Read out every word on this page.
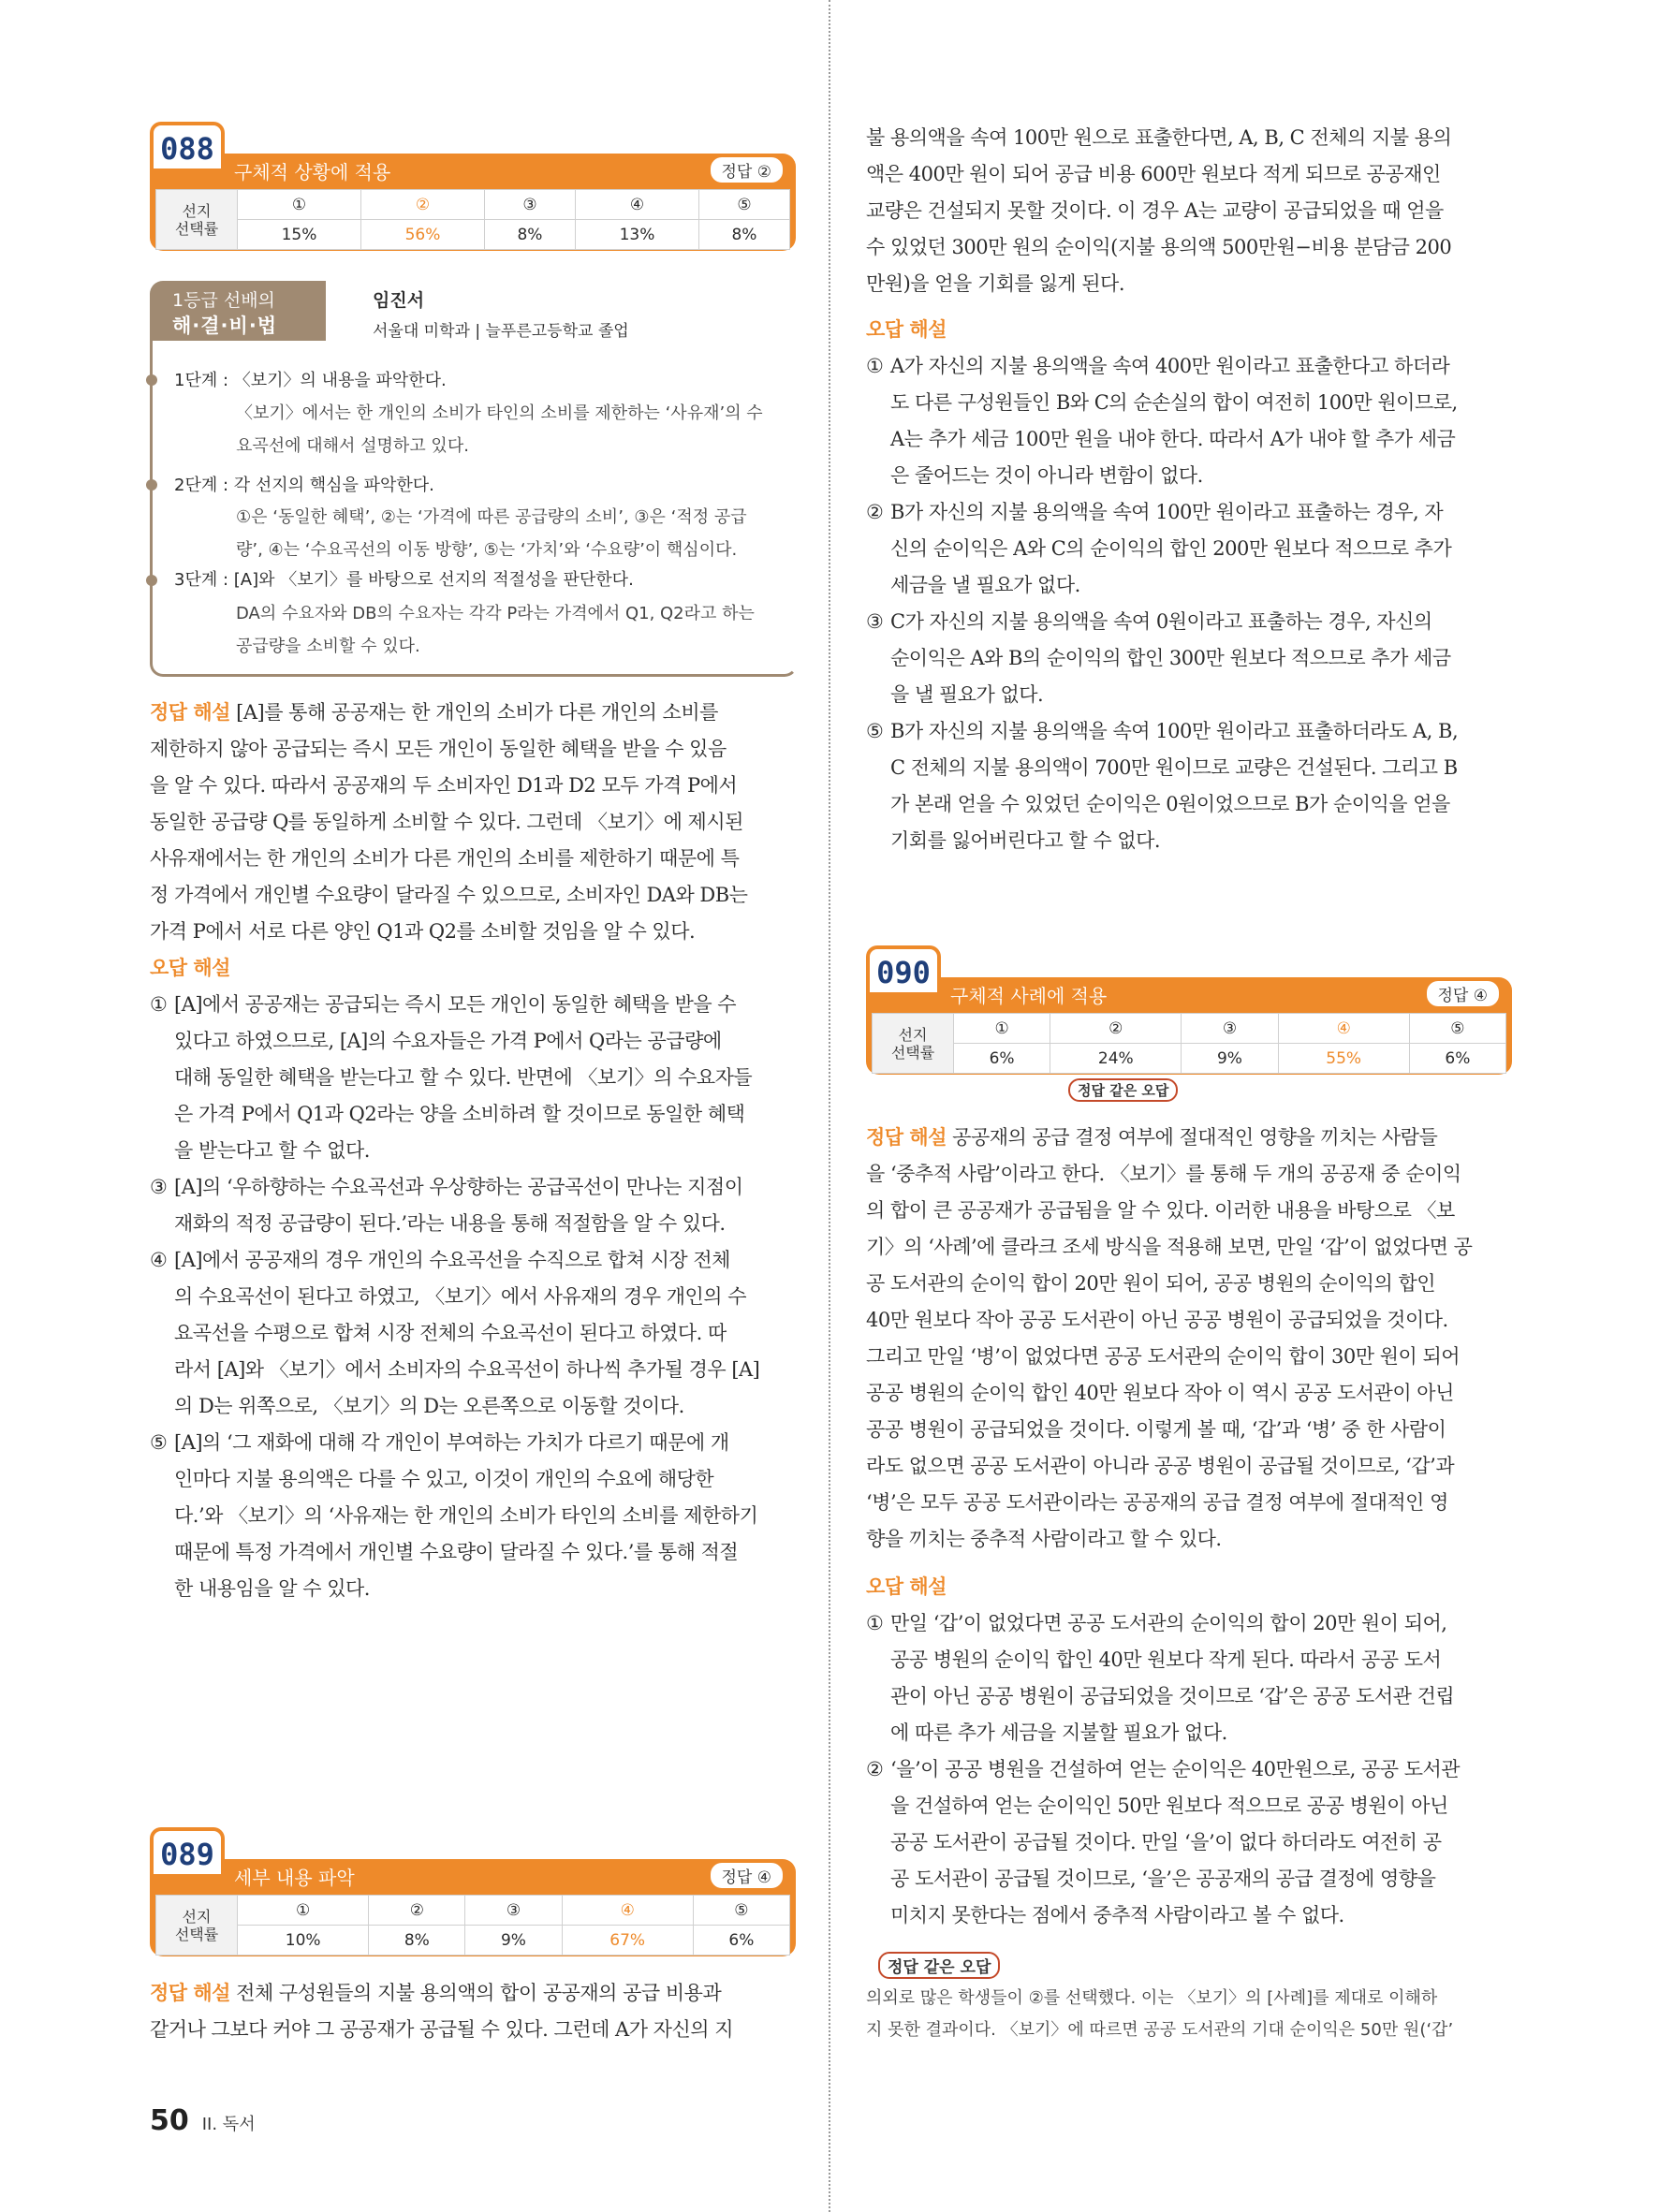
구체적 상황에 적용	정답 ②
088
선지
선택률	①	②	③	④	⑤
	15%	56%	8%	13%	8%
1등급 선배의
해·결·비·법
임진서
서울대 미학과 | 늘푸른고등학교 졸업
1단계 : 〈보기〉의 내용을 파악한다.
〈보기〉에서는 한 개인의 소비가 타인의 소비를 제한하는 ‘사유재’의 수
요곡선에 대해서 설명하고 있다.
2단계 : 각 선지의 핵심을 파악한다.
①은 ‘동일한 혜택’, ②는 ‘가격에 따른 공급량의 소비’, ③은 ‘적정 공급
량’, ④는 ‘수요곡선의 이동 방향’, ⑤는 ‘가치’와 ‘수요량’이 핵심이다.
3단계 : [A]와 〈보기〉를 바탕으로 선지의 적절성을 판단한다.
DA의 수요자와 DB의 수요자는 각각 P라는 가격에서 Q1, Q2라고 하는
공급량을 소비할 수 있다.

정답 해설 [A]를 통해 공공재는 한 개인의 소비가 다른 개인의 소비를

제한하지 않아 공급되는 즉시 모든 개인이 동일한 혜택을 받을 수 있음

을 알 수 있다. 따라서 공공재의 두 소비자인 D1과 D2 모두 가격 P에서

동일한 공급량 Q를 동일하게 소비할 수 있다. 그런데 〈보기〉에 제시된

사유재에서는 한 개인의 소비가 다른 개인의 소비를 제한하기 때문에 특

정 가격에서 개인별 수요량이 달라질 수 있으므로, 소비자인 DA와 DB는

가격 P에서 서로 다른 양인 Q1과 Q2를 소비할 것임을 알 수 있다.

오답 해설

① [A]에서 공공재는 공급되는 즉시 모든 개인이 동일한 혜택을 받을 수

있다고 하였으므로, [A]의 수요자들은 가격 P에서 Q라는 공급량에

대해 동일한 혜택을 받는다고 할 수 있다. 반면에 〈보기〉의 수요자들

은 가격 P에서 Q1과 Q2라는 양을 소비하려 할 것이므로 동일한 혜택

을 받는다고 할 수 없다.

③ [A]의 ‘우하향하는 수요곡선과 우상향하는 공급곡선이 만나는 지점이

재화의 적정 공급량이 된다.’라는 내용을 통해 적절함을 알 수 있다.

④ [A]에서 공공재의 경우 개인의 수요곡선을 수직으로 합쳐 시장 전체

의 수요곡선이 된다고 하였고, 〈보기〉에서 사유재의 경우 개인의 수

요곡선을 수평으로 합쳐 시장 전체의 수요곡선이 된다고 하였다. 따

라서 [A]와 〈보기〉에서 소비자의 수요곡선이 하나씩 추가될 경우 [A]

의 D는 위쪽으로, 〈보기〉의 D는 오른쪽으로 이동할 것이다.

⑤ [A]의 ‘그 재화에 대해 각 개인이 부여하는 가치가 다르기 때문에 개

인마다 지불 용의액은 다를 수 있고, 이것이 개인의 수요에 해당한

다.’와 〈보기〉의 ‘사유재는 한 개인의 소비가 타인의 소비를 제한하기

때문에 특정 가격에서 개인별 수요량이 달라질 수 있다.’를 통해 적절

한 내용임을 알 수 있다.

세부 내용 파악	정답 ④
089
선지
선택률	①	②	③	④	⑤
	10%	8%	9%	67%	6%

정답 해설 전체 구성원들의 지불 용의액의 합이 공공재의 공급 비용과

같거나 그보다 커야 그 공공재가 공급될 수 있다. 그런데 A가 자신의 지

불 용의액을 속여 100만 원으로 표출한다면, A, B, C 전체의 지불 용의

액은 400만 원이 되어 공급 비용 600만 원보다 적게 되므로 공공재인

교량은 건설되지 못할 것이다. 이 경우 A는 교량이 공급되었을 때 얻을

수 있었던 300만 원의 순이익(지불 용의액 500만원−비용 분담금 200

만원)을 얻을 기회를 잃게 된다.

오답 해설

① A가 자신의 지불 용의액을 속여 400만 원이라고 표출한다고 하더라

도 다른 구성원들인 B와 C의 순손실의 합이 여전히 100만 원이므로,

A는 추가 세금 100만 원을 내야 한다. 따라서 A가 내야 할 추가 세금

은 줄어드는 것이 아니라 변함이 없다.

② B가 자신의 지불 용의액을 속여 100만 원이라고 표출하는 경우, 자

신의 순이익은 A와 C의 순이익의 합인 200만 원보다 적으므로 추가

세금을 낼 필요가 없다.

③ C가 자신의 지불 용의액을 속여 0원이라고 표출하는 경우, 자신의

순이익은 A와 B의 순이익의 합인 300만 원보다 적으므로 추가 세금

을 낼 필요가 없다.

⑤ B가 자신의 지불 용의액을 속여 100만 원이라고 표출하더라도 A, B,

C 전체의 지불 용의액이 700만 원이므로 교량은 건설된다. 그리고 B

가 본래 얻을 수 있었던 순이익은 0원이었으므로 B가 순이익을 얻을

기회를 잃어버린다고 할 수 없다.

구체적 사례에 적용	정답 ④
090
선지
선택률	①	②	③	④	⑤
	6%	24%	9%	55%	6%
정답 같은 오답

정답 해설 공공재의 공급 결정 여부에 절대적인 영향을 끼치는 사람들

을 ‘중추적 사람’이라고 한다. 〈보기〉를 통해 두 개의 공공재 중 순이익

의 합이 큰 공공재가 공급됨을 알 수 있다. 이러한 내용을 바탕으로 〈보

기〉의 ‘사례’에 클라크 조세 방식을 적용해 보면, 만일 ‘갑’이 없었다면 공

공 도서관의 순이익 합이 20만 원이 되어, 공공 병원의 순이익의 합인

40만 원보다 작아 공공 도서관이 아닌 공공 병원이 공급되었을 것이다.

그리고 만일 ‘병’이 없었다면 공공 도서관의 순이익 합이 30만 원이 되어

공공 병원의 순이익 합인 40만 원보다 작아 이 역시 공공 도서관이 아닌

공공 병원이 공급되었을 것이다. 이렇게 볼 때, ‘갑’과 ‘병’ 중 한 사람이

라도 없으면 공공 도서관이 아니라 공공 병원이 공급될 것이므로, ‘갑’과

‘병’은 모두 공공 도서관이라는 공공재의 공급 결정 여부에 절대적인 영

향을 끼치는 중추적 사람이라고 할 수 있다.

오답 해설

① 만일 ‘갑’이 없었다면 공공 도서관의 순이익의 합이 20만 원이 되어,

공공 병원의 순이익 합인 40만 원보다 작게 된다. 따라서 공공 도서

관이 아닌 공공 병원이 공급되었을 것이므로 ‘갑’은 공공 도서관 건립

에 따른 추가 세금을 지불할 필요가 없다.

② ‘을’이 공공 병원을 건설하여 얻는 순이익은 40만원으로, 공공 도서관

을 건설하여 얻는 순이익인 50만 원보다 적으므로 공공 병원이 아닌

공공 도서관이 공급될 것이다. 만일 ‘을’이 없다 하더라도 여전히 공

공 도서관이 공급될 것이므로, ‘을’은 공공재의 공급 결정에 영향을

미치지 못한다는 점에서 중추적 사람이라고 볼 수 없다.

정답 같은 오답
의외로 많은 학생들이 ②를 선택했다. 이는 〈보기〉의 [사례]를 제대로 이해하
지 못한 결과이다. 〈보기〉에 따르면 공공 도서관의 기대 순이익은 50만 원(‘갑’
50 II. 독서
